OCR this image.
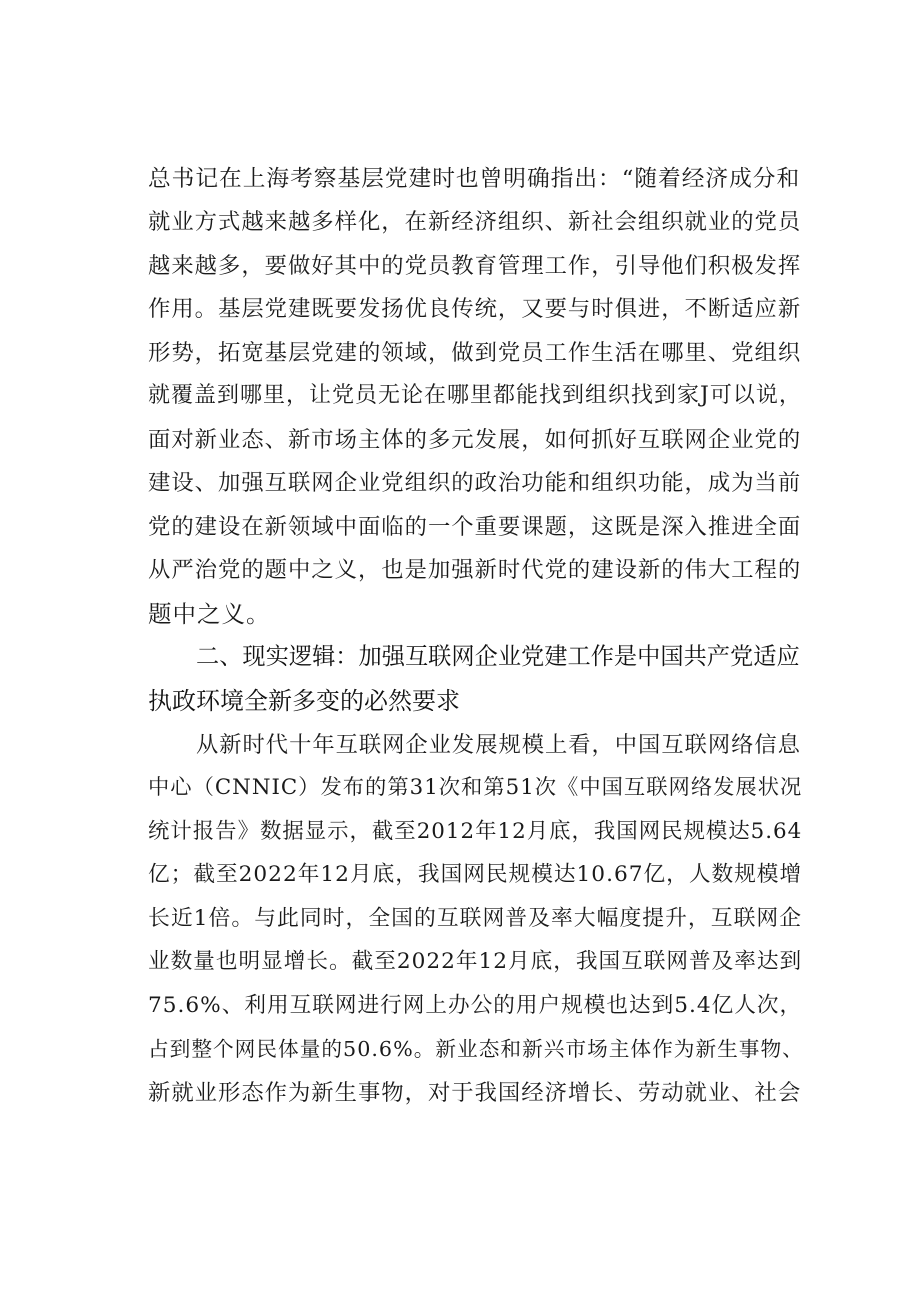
总书记在上海考察基层党建时也曾明确指出：“随着经济成分和
就业方式越来越多样化，在新经济组织、新社会组织就业的党员
越来越多，要做好其中的党员教育管理工作，引导他们积极发挥
作用。基层党建既要发扬优良传统，又要与时俱进，不断适应新
形势，拓宽基层党建的领域，做到党员工作生活在哪里、党组织
就覆盖到哪里，让党员无论在哪里都能找到组织找到家J可以说，
面对新业态、新市场主体的多元发展，如何抓好互联网企业党的
建设、加强互联网企业党组织的政治功能和组织功能，成为当前
党的建设在新领域中面临的一个重要课题，这既是深入推进全面
从严治党的题中之义，也是加强新时代党的建设新的伟大工程的
题中之义。
二、现实逻辑：加强互联网企业党建工作是中国共产党适应
执政环境全新多变的必然要求
从新时代十年互联网企业发展规模上看，中国互联网络信息
中心（CNNIC）发布的第31次和第51次《中国互联网络发展状况
统计报告》数据显示，截至2012年12月底，我国网民规模达5.64
亿；截至2022年12月底，我国网民规模达10.67亿，人数规模增
长近1倍。与此同时，全国的互联网普及率大幅度提升，互联网企
业数量也明显增长。截至2022年12月底，我国互联网普及率达到
75.6%、利用互联网进行网上办公的用户规模也达到5.4亿人次，
占到整个网民体量的50.6%。新业态和新兴市场主体作为新生事物、
新就业形态作为新生事物，对于我国经济增长、劳动就业、社会
